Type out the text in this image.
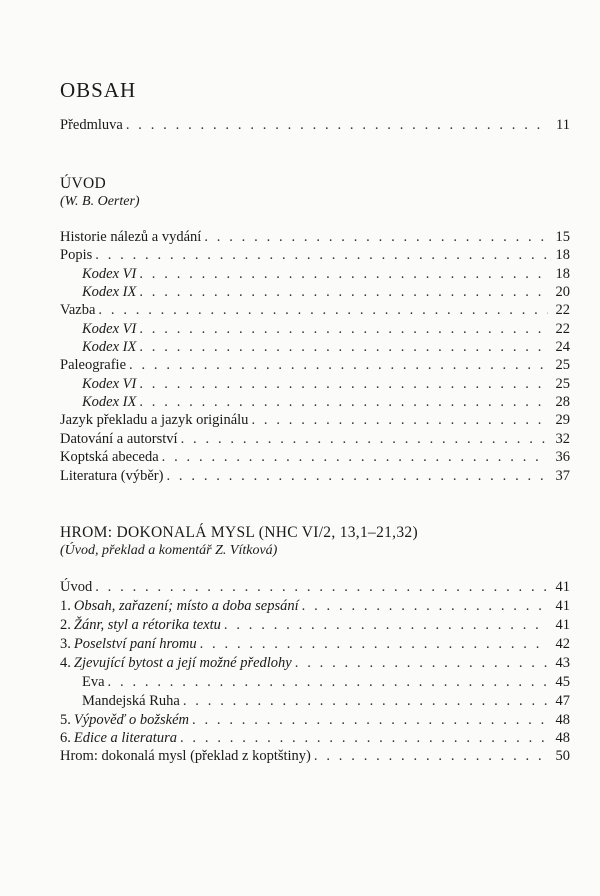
OBSAH
Předmluva . . .	11
ÚVOD
(W. B. Oerter)
Historie nálezů a vydání . . .	15
Popis . . .	18
Kodex VI . . .	18
Kodex IX . . .	20
Vazba . . .	22
Kodex VI . . .	22
Kodex IX . . .	24
Paleografie . . .	25
Kodex VI . . .	25
Kodex IX . . .	28
Jazyk překladu a jazyk originálu . . .	29
Datování a autorství . . .	32
Koptská abeceda . . .	36
Literatura (výběr) . . .	37
HROM: DOKONALÁ MYSL (NHC VI/2, 13,1–21,32)
(Úvod, překlad a komentář Z. Vítková)
Úvod . . .	41
1. Obsah, zařazení; místo a doba sepsání . . .	41
2. Žánr, styl a rétorika textu . . .	41
3. Poselství paní hromu . . .	42
4. Zjevující bytost a její možné předlohy . . .	43
Eva . . .	45
Mandejská Ruha . . .	47
5. Výpověď o božském . . .	48
6. Edice a literatura . . .	48
Hrom: dokonalá mysl (překlad z koptštiny) . . .	50
